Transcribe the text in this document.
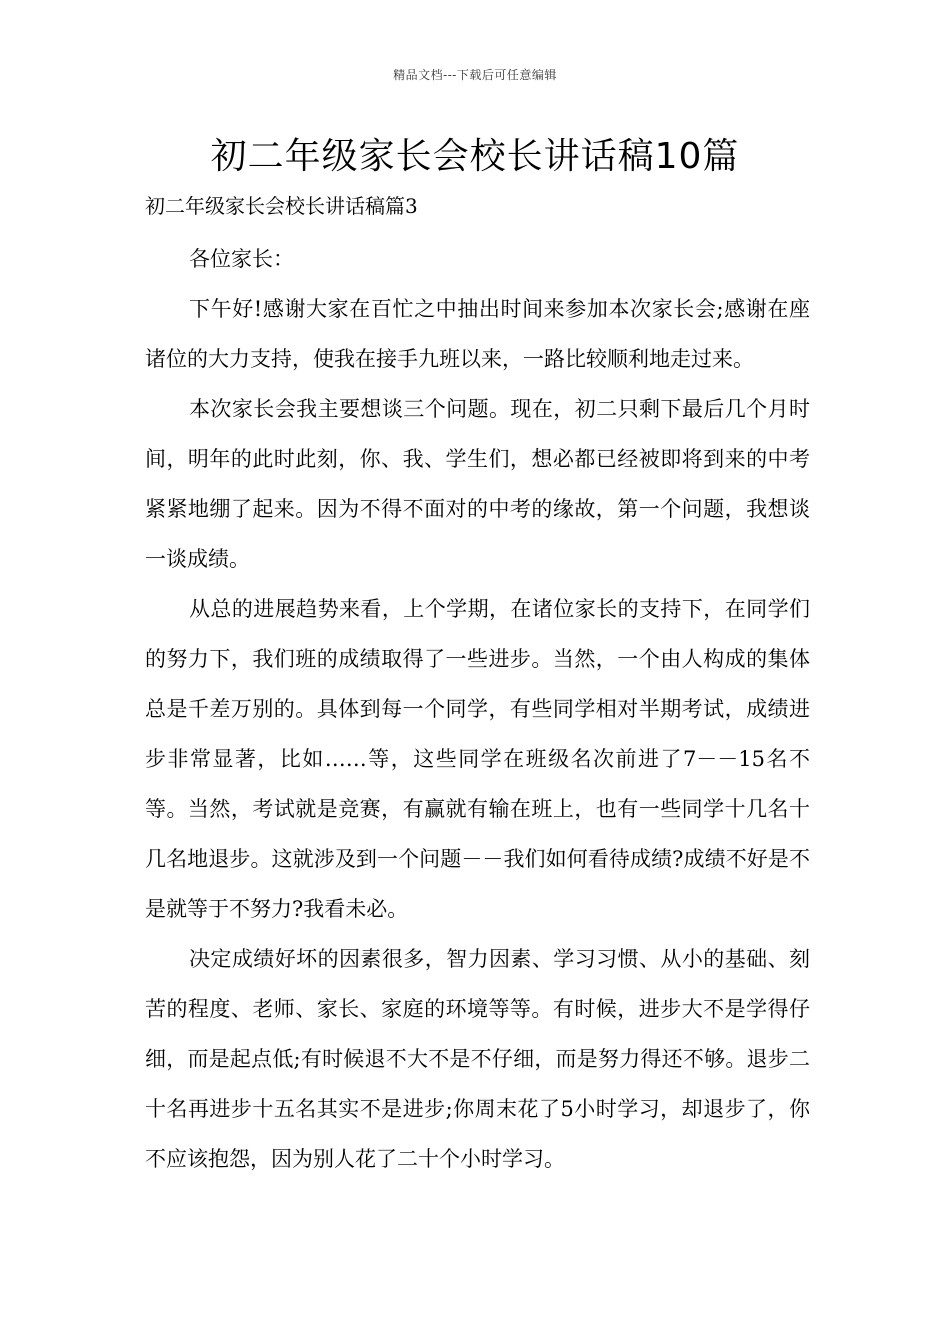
精品文档---下载后可任意编辑
初二年级家长会校长讲话稿10篇
初二年级家长会校长讲话稿篇3

各位家长：

下午好!感谢大家在百忙之中抽出时间来参加本次家长会;感谢在座诸位的大力支持，使我在接手九班以来，一路比较顺利地走过来。

本次家长会我主要想谈三个问题。现在，初二只剩下最后几个月时间，明年的此时此刻，你、我、学生们，想必都已经被即将到来的中考紧紧地绷了起来。因为不得不面对的中考的缘故，第一个问题，我想谈一谈成绩。

从总的进展趋势来看，上个学期，在诸位家长的支持下，在同学们的努力下，我们班的成绩取得了一些进步。当然，一个由人构成的集体总是千差万别的。具体到每一个同学，有些同学相对半期考试，成绩进步非常显著，比如……等，这些同学在班级名次前进了7－－15名不等。当然，考试就是竞赛，有赢就有输在班上，也有一些同学十几名十几名地退步。这就涉及到一个问题－－我们如何看待成绩?成绩不好是不是就等于不努力?我看未必。

决定成绩好坏的因素很多，智力因素、学习习惯、从小的基础、刻苦的程度、老师、家长、家庭的环境等等。有时候，进步大不是学得仔细，而是起点低;有时候退不大不是不仔细，而是努力得还不够。退步二十名再进步十五名其实不是进步;你周末花了5小时学习，却退步了，你不应该抱怨，因为别人花了二十个小时学习。
